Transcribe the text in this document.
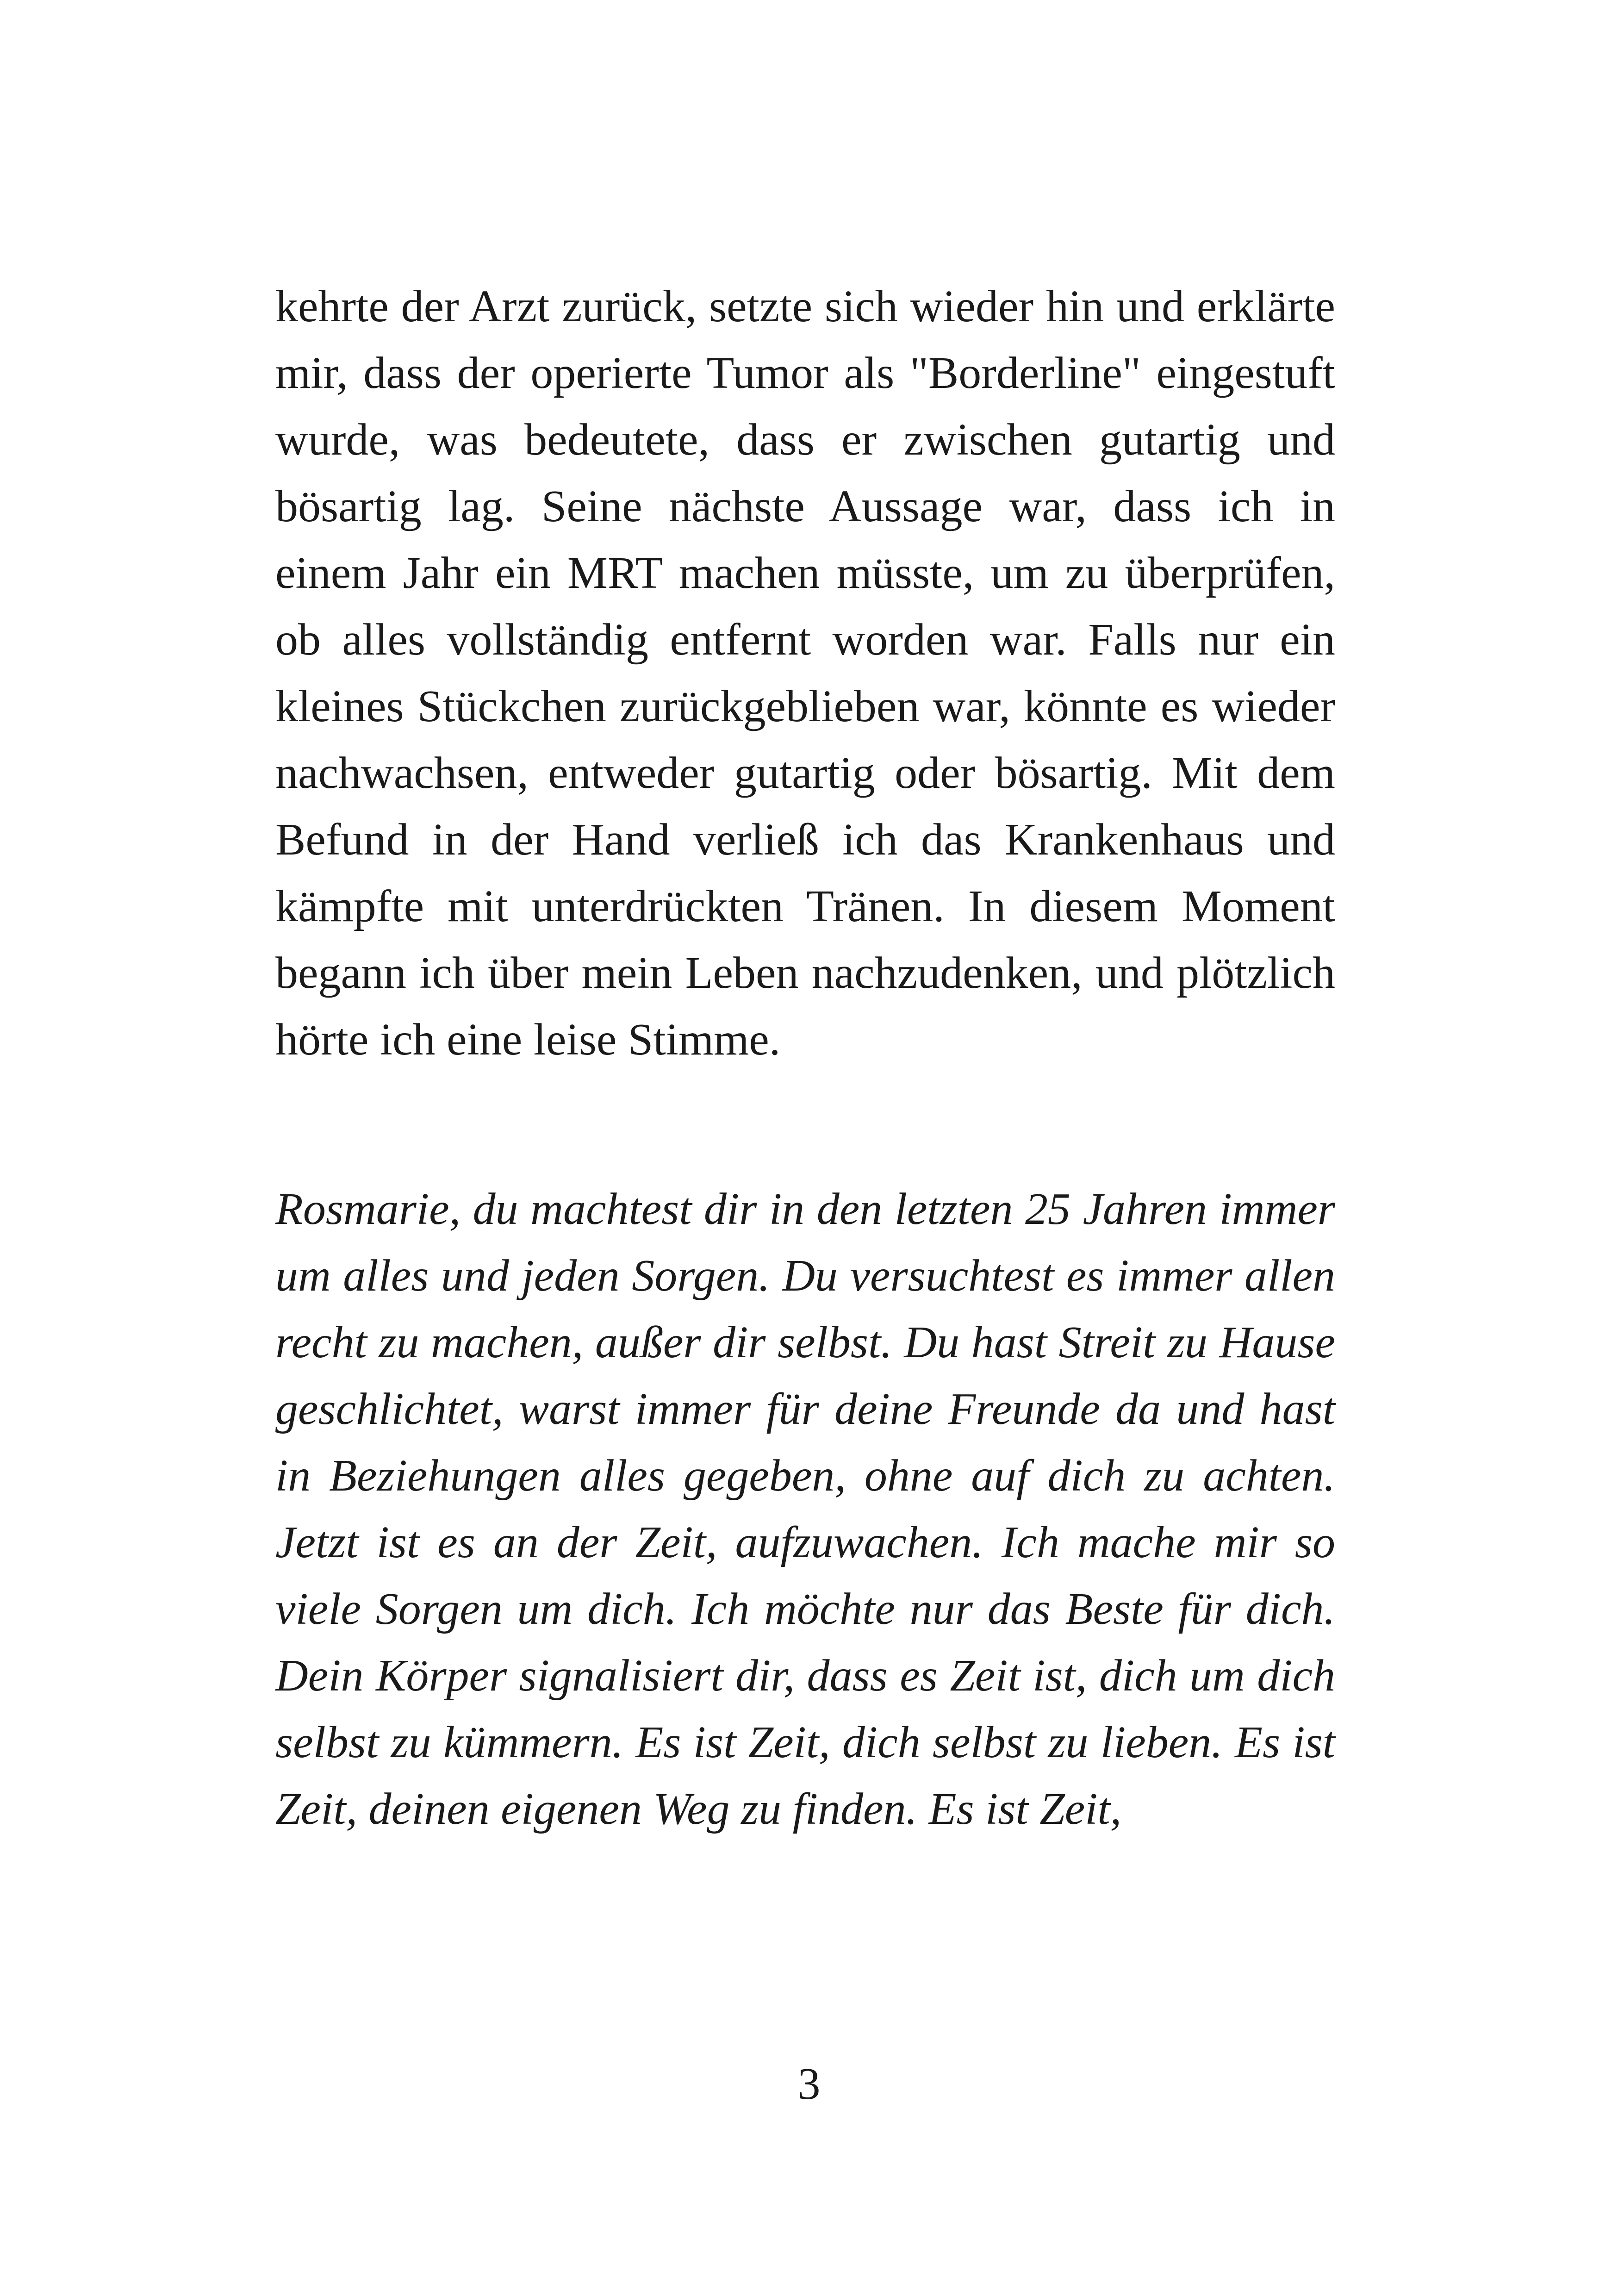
kehrte der Arzt zurück, setzte sich wieder hin und erklärte mir, dass der operierte Tumor als "Borderline" eingestuft wurde, was bedeutete, dass er zwischen gutartig und bösartig lag. Seine nächste Aussage war, dass ich in einem Jahr ein MRT machen müsste, um zu überprüfen, ob alles vollständig entfernt worden war. Falls nur ein kleines Stückchen zurückgeblieben war, könnte es wieder nachwachsen, entweder gutartig oder bösartig. Mit dem Befund in der Hand verließ ich das Krankenhaus und kämpfte mit unterdrückten Tränen. In diesem Moment begann ich über mein Leben nachzudenken, und plötzlich hörte ich eine leise Stimme.

Rosmarie, du machtest dir in den letzten 25 Jahren immer um alles und jeden Sorgen. Du versuchtest es immer allen recht zu machen, außer dir selbst. Du hast Streit zu Hause geschlichtet, warst immer für deine Freunde da und hast in Beziehungen alles gegeben, ohne auf dich zu achten. Jetzt ist es an der Zeit, aufzuwachen. Ich mache mir so viele Sorgen um dich. Ich möchte nur das Beste für dich. Dein Körper signalisiert dir, dass es Zeit ist, dich um dich selbst zu kümmern. Es ist Zeit, dich selbst zu lieben. Es ist Zeit, deinen eigenen Weg zu finden. Es ist Zeit,

3
